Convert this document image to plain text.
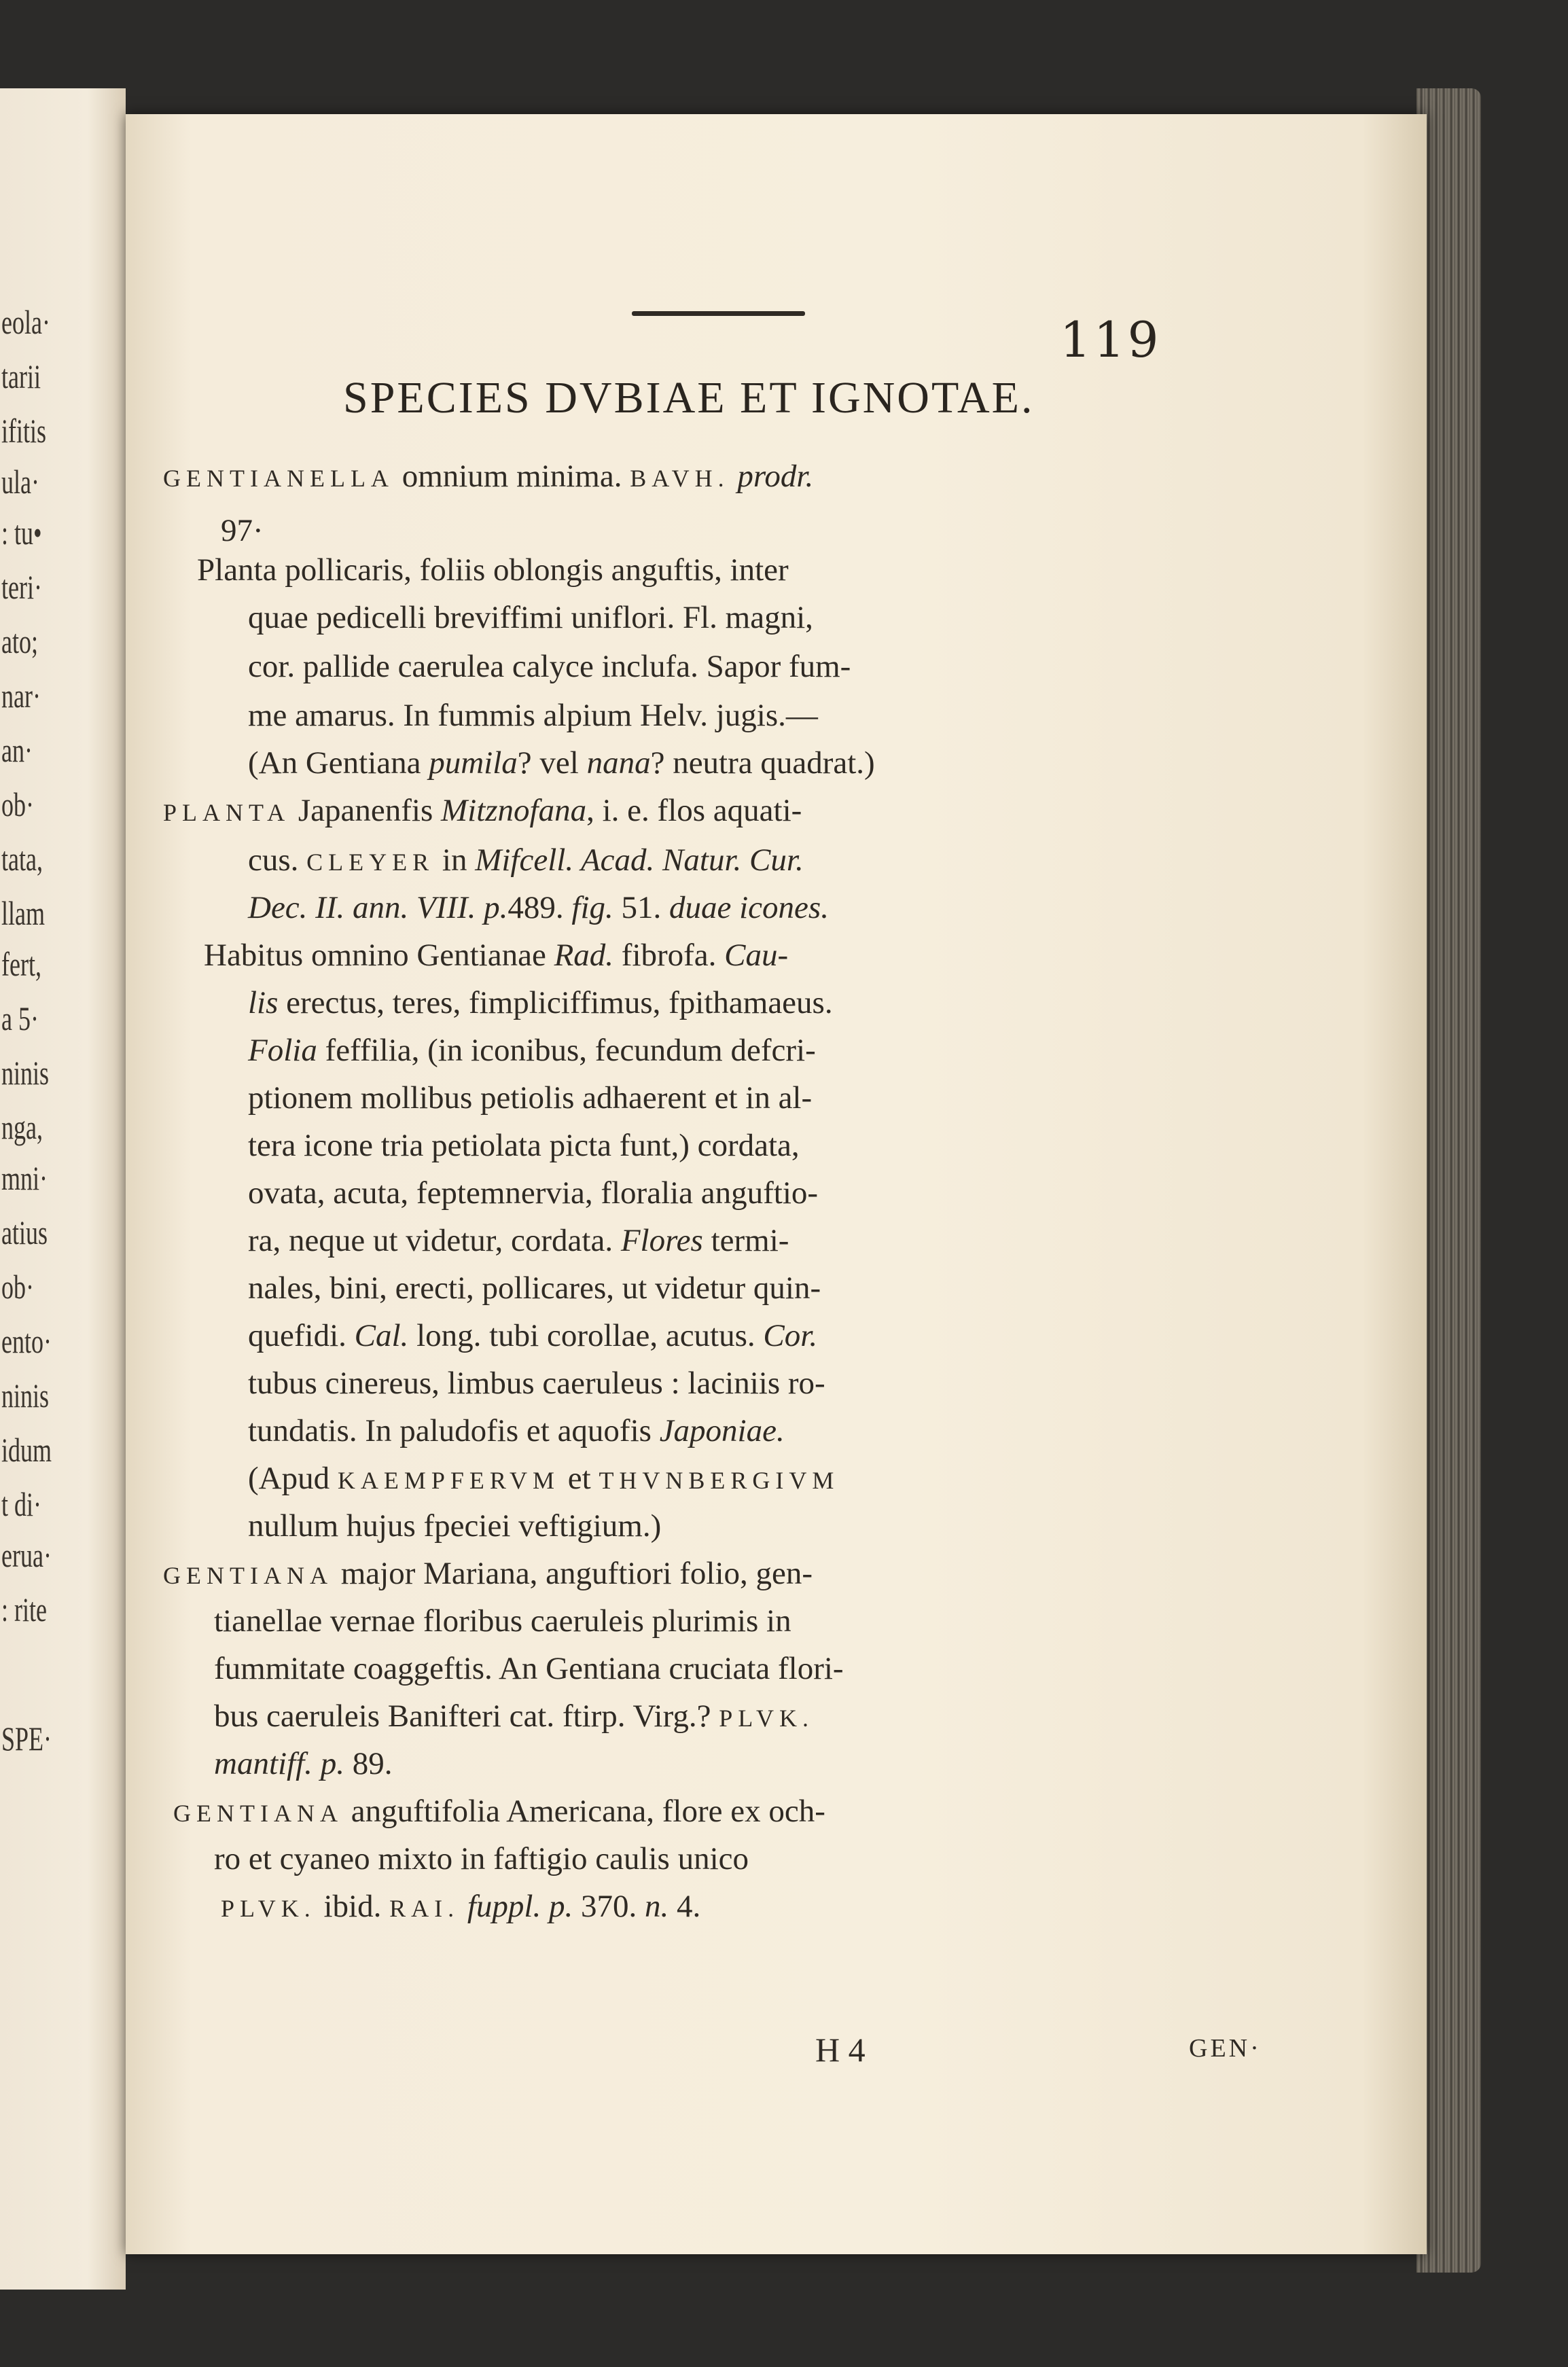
eola·
tarii
ifitis
ula·
: tu•
teri·
ato;
nar·
an·
ob·
tata,
llam
fert,
a 5·
ninis
nga,
mni·
atius
ob·
ento·
ninis
idum
t di·
erua·
: rite
SPE·
119
SPECIES DVBIAE ET IGNOTAE.
GENTIANELLA omnium minima. BAVH. prodr.
97·
Planta pollicaris, foliis oblongis anguftis, inter
quae pedicelli breviffimi uniflori. Fl. magni,
cor. pallide caerulea calyce inclufa. Sapor fum-
me amarus. In fummis alpium Helv. jugis.—
(An Gentiana pumila? vel nana? neutra quadrat.)
PLANTA Japanenfis Mitznofana, i. e. flos aquati-
cus. CLEYER in Mifcell. Acad. Natur. Cur.
Dec. II. ann. VIII. p.489. fig. 51. duae icones.
Habitus omnino Gentianae Rad. fibrofa. Cau-
lis erectus, teres, fimpliciffimus, fpithamaeus.
Folia feffilia, (in iconibus, fecundum defcri-
ptionem mollibus petiolis adhaerent et in al-
tera icone tria petiolata picta funt,) cordata,
ovata, acuta, feptemnervia, floralia anguftio-
ra, neque ut videtur, cordata. Flores termi-
nales, bini, erecti, pollicares, ut videtur quin-
quefidi. Cal. long. tubi corollae, acutus. Cor.
tubus cinereus, limbus caeruleus : laciniis ro-
tundatis. In paludofis et aquofis Japoniae.
(Apud KAEMPFERVM et THVNBERGIVM
nullum hujus fpeciei veftigium.)
GENTIANA major Mariana, anguftiori folio, gen-
tianellae vernae floribus caeruleis plurimis in
fummitate coaggeftis. An Gentiana cruciata flori-
bus caeruleis Banifteri cat. ftirp. Virg.? PLVK.
mantiff. p. 89.
GENTIANA anguftifolia Americana, flore ex och-
ro et cyaneo mixto in faftigio caulis unico
PLVK. ibid. RAI. fuppl. p. 370. n. 4.
H 4	GEN·
